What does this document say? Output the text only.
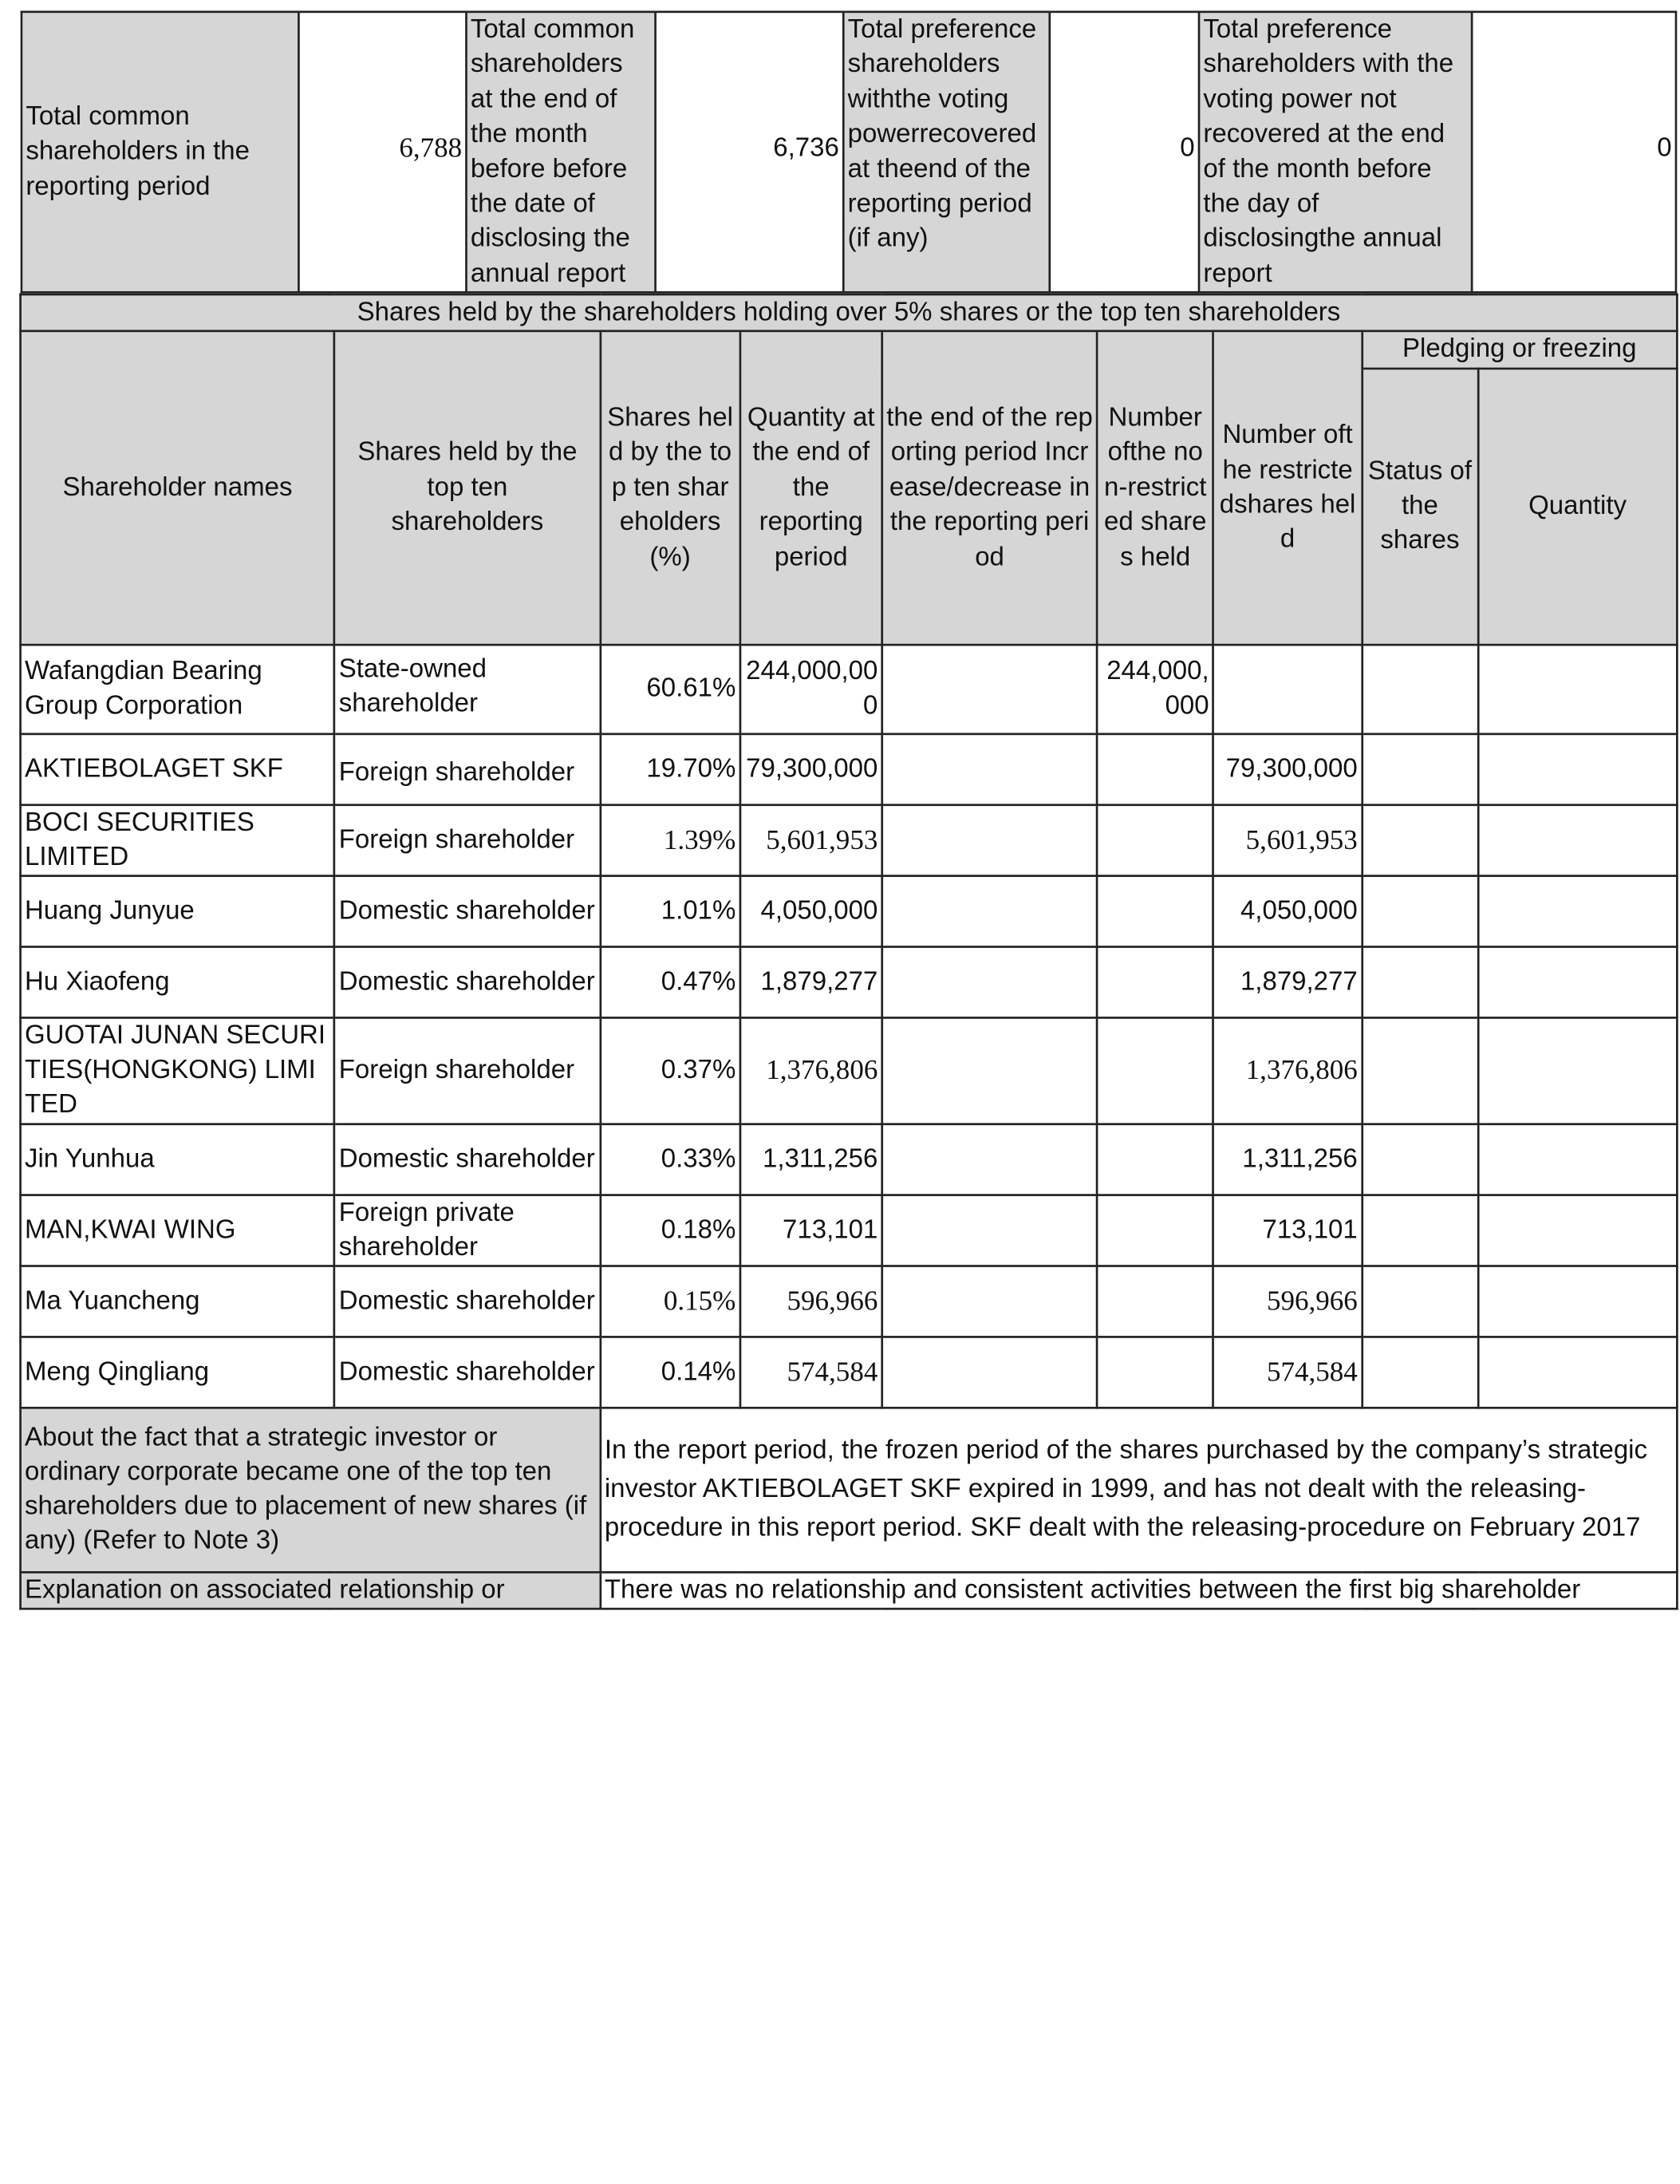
Total common shareholders in the reporting period	6,788	Total common shareholders at the end of the month before before the date of disclosing the annual report	6,736	Total preference shareholders withthe voting powerrecovered at theend of the reporting period (if any)	0	Total preference shareholders with the voting power not recovered at the end of the month before the day of disclosingthe annual report	0

Shares held by the shareholders holding over 5% shares or the top ten shareholders
Shareholder names	Shares held by the top ten shareholders	Shares held by the top ten shareholders (%)	Quantity at the end of the reporting period	the end of the reporting period Increase/decrease in the reporting period	Number ofthe non-restricted shares held	Number ofthe restrictedshares held	Pledging or freezing
Status of the shares	Quantity
Wafangdian Bearing Group Corporation	State-owned shareholder	60.61%	244,000,000		244,000,000			
AKTIEBOLAGET SKF	Foreign shareholder	19.70%	79,300,000			79,300,000		
BOCI SECURITIES LIMITED	Foreign shareholder	1.39%	5,601,953			5,601,953		
Huang Junyue	Domestic shareholder	1.01%	4,050,000			4,050,000		
Hu Xiaofeng	Domestic shareholder	0.47%	1,879,277			1,879,277		
GUOTAI JUNAN SECURITIES(HONGKONG) LIMITED	Foreign shareholder	0.37%	1,376,806			1,376,806		
Jin Yunhua	Domestic shareholder	0.33%	1,311,256			1,311,256		
MAN,KWAI WING	Foreign private shareholder	0.18%	713,101			713,101		
Ma Yuancheng	Domestic shareholder	0.15%	596,966			596,966		
Meng Qingliang	Domestic shareholder	0.14%	574,584			574,584		
About the fact that a strategic investor or ordinary corporate became one of the top ten shareholders due to placement of new shares (if any) (Refer to Note 3)	In the report period, the frozen period of the shares purchased by the company’s strategic investor AKTIEBOLAGET SKF expired in 1999, and has not dealt with the releasing-procedure in this report period. SKF dealt with the releasing-procedure on February 2017
Explanation on associated relationship or	There was no relationship and consistent activities between the first big shareholder
